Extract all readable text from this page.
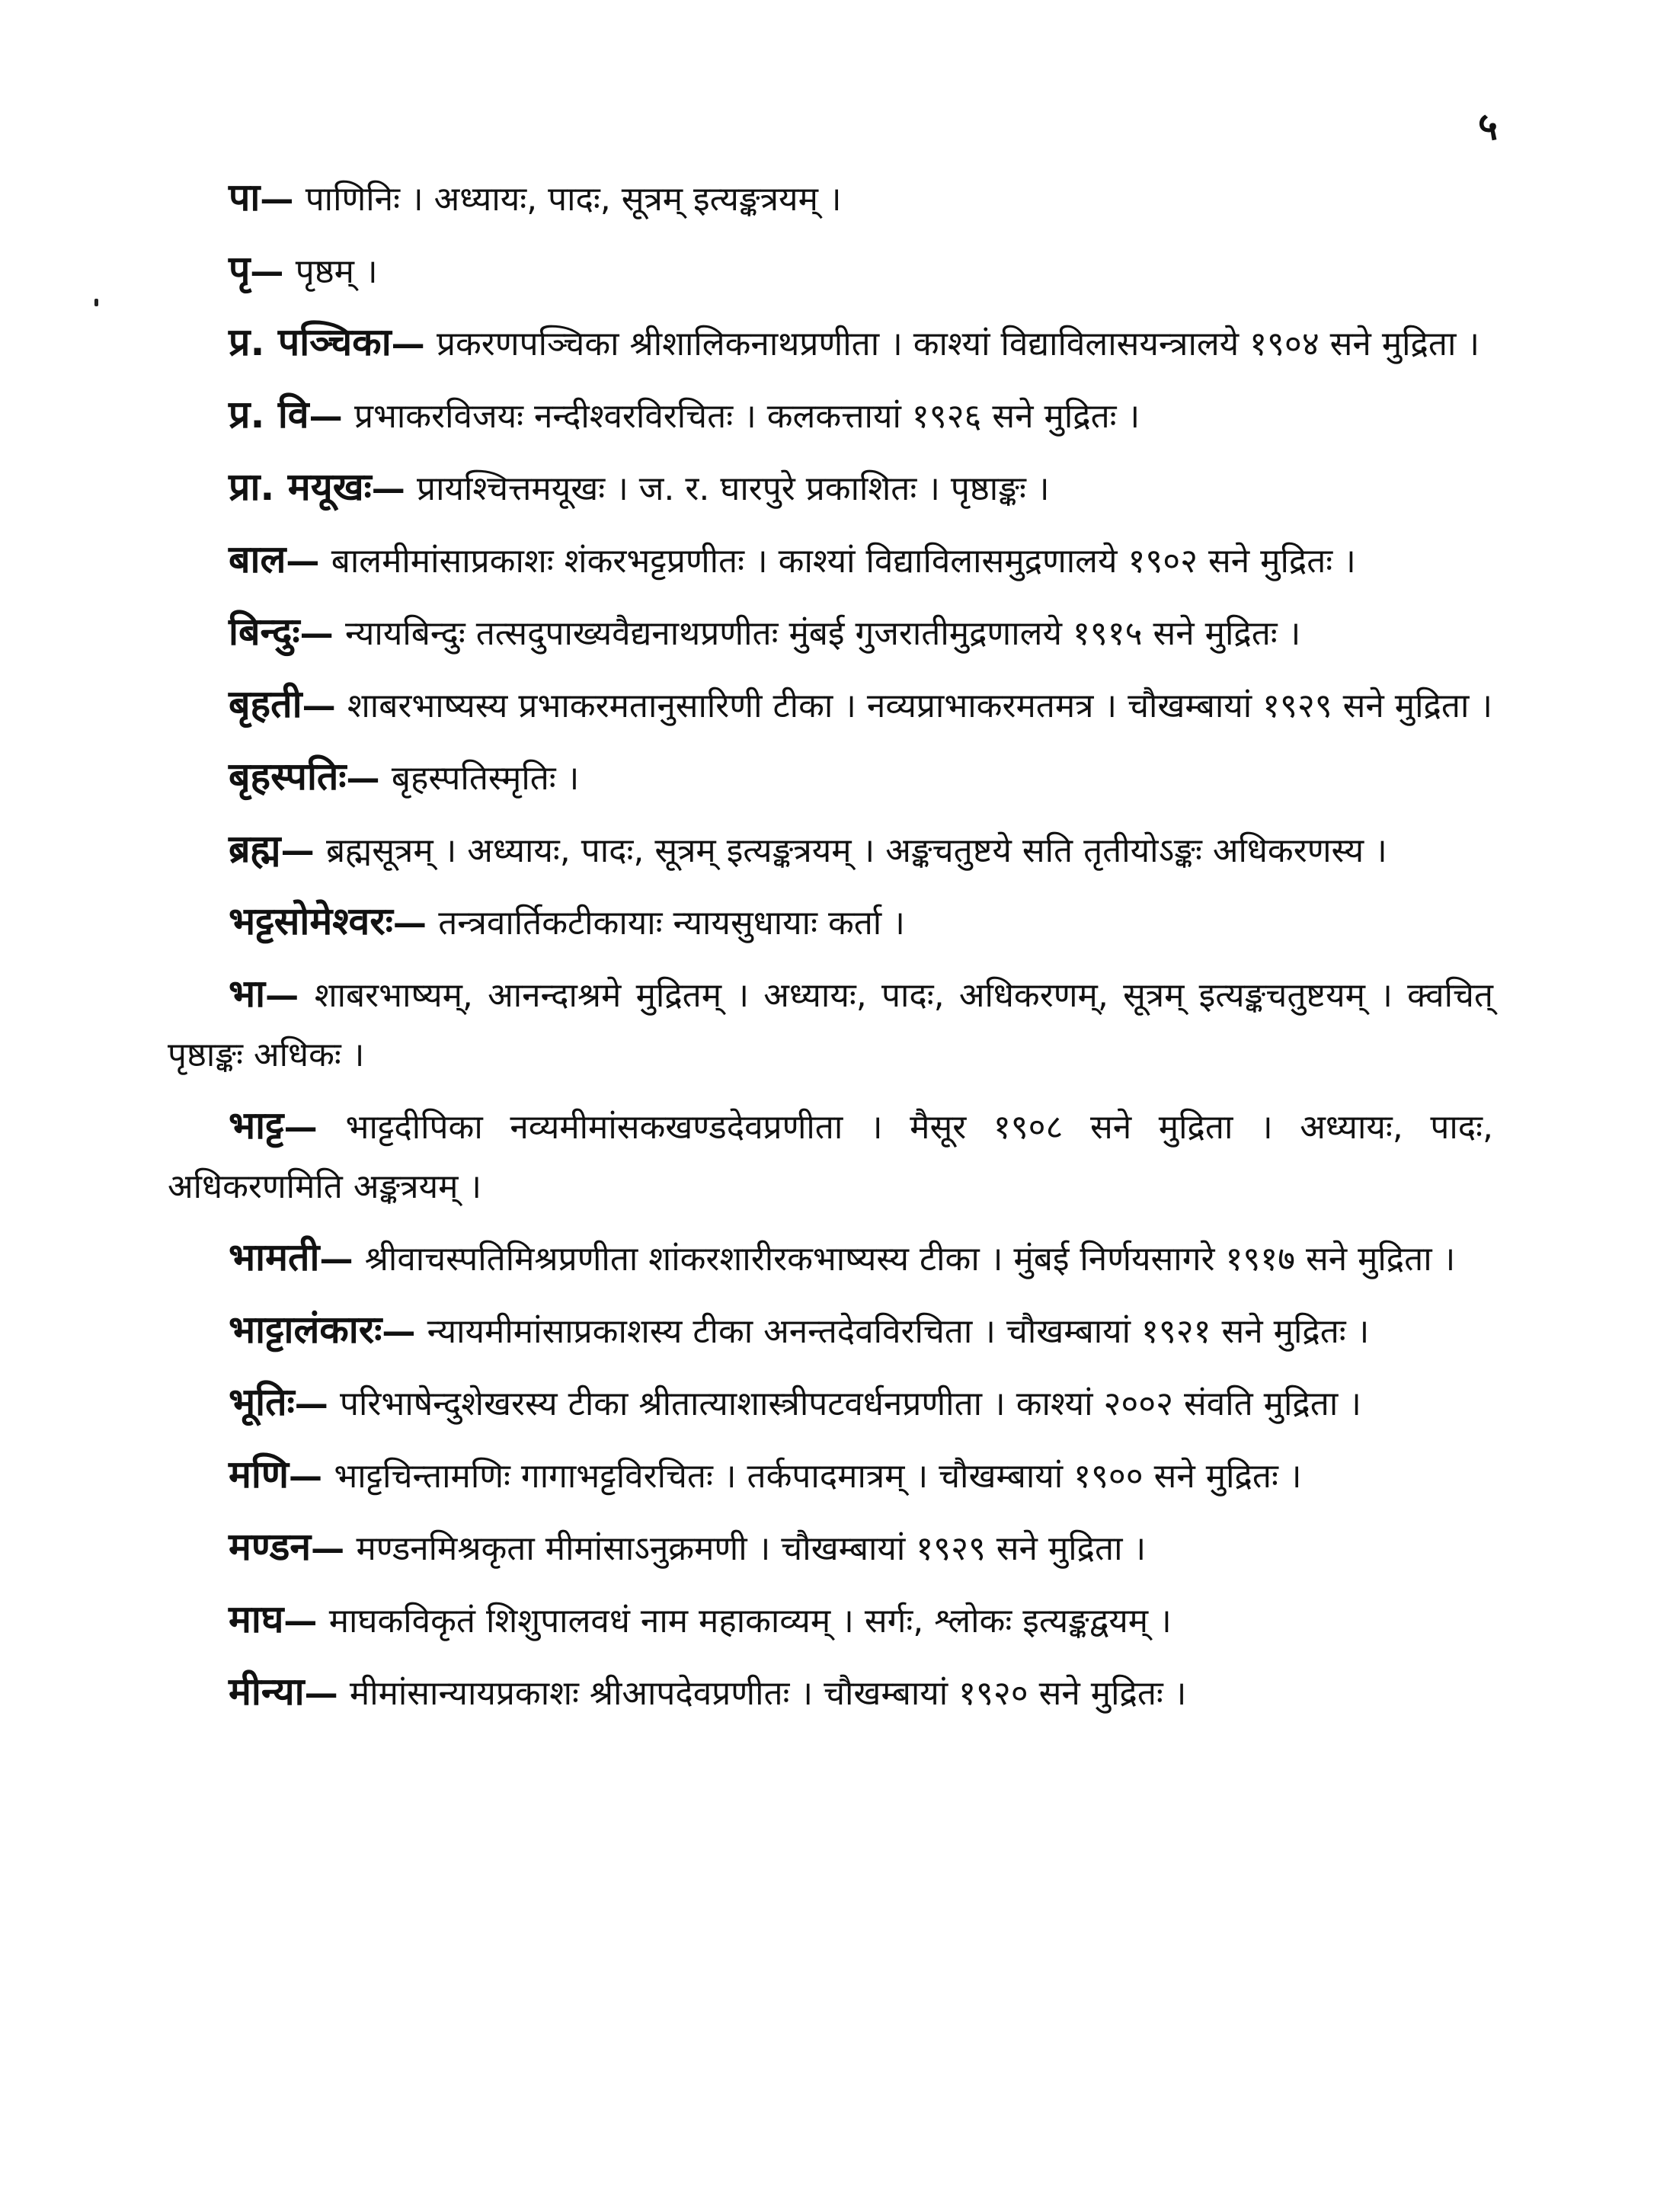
५

पा— पाणिनिः । अध्यायः, पादः, सूत्रम् इत्यङ्कत्रयम् ।

पृ— पृष्ठम् ।

प्र. पञ्चिका— प्रकरणपञ्चिका श्रीशालिकनाथप्रणीता । काश्यां विद्याविलासयन्त्रालये १९०४ सने मुद्रिता ।

प्र. वि— प्रभाकरविजयः नन्दीश्वरविरचितः । कलकत्तायां १९२६ सने मुद्रितः ।

प्रा. मयूखः— प्रायश्चित्तमयूखः । ज. र. घारपुरे प्रकाशितः । पृष्ठाङ्कः ।

बाल— बालमीमांसाप्रकाशः शंकरभट्टप्रणीतः । काश्यां विद्याविलासमुद्रणालये १९०२ सने मुद्रितः ।

बिन्दुः— न्यायबिन्दुः तत्सदुपाख्यवैद्यनाथप्रणीतः मुंबई गुजरातीमुद्रणालये १९१५ सने मुद्रितः ।

बृहती— शाबरभाष्यस्य प्रभाकरमतानुसारिणी टीका । नव्यप्राभाकरमतमत्र । चौखम्बायां १९२९ सने मुद्रिता ।

बृहस्पतिः— बृहस्पतिस्मृतिः ।

ब्रह्म— ब्रह्मसूत्रम् । अध्यायः, पादः, सूत्रम् इत्यङ्कत्रयम् । अङ्कचतुष्टये सति तृतीयोऽङ्कः अधिकरणस्य ।

भट्टसोमेश्वरः— तन्त्रवार्तिकटीकायाः न्यायसुधायाः कर्ता ।

भा— शाबरभाष्यम्, आनन्दाश्रमे मुद्रितम् । अध्यायः, पादः, अधिकरणम्, सूत्रम् इत्यङ्कचतुष्टयम् । क्वचित् पृष्ठाङ्कः अधिकः ।

भाट्ट— भाट्टदीपिका नव्यमीमांसकखण्डदेवप्रणीता । मैसूर १९०८ सने मुद्रिता । अध्यायः, पादः, अधिकरणमिति अङ्कत्रयम् ।

भामती— श्रीवाचस्पतिमिश्रप्रणीता शांकरशारीरकभाष्यस्य टीका । मुंबई निर्णयसागरे १९१७ सने मुद्रिता ।

भाट्टालंकारः— न्यायमीमांसाप्रकाशस्य टीका अनन्तदेवविरचिता । चौखम्बायां १९२१ सने मुद्रितः ।

भूतिः— परिभाषेन्दुशेखरस्य टीका श्रीतात्याशास्त्रीपटवर्धनप्रणीता । काश्यां २००२ संवति मुद्रिता ।

मणि— भाट्टचिन्तामणिः गागाभट्टविरचितः । तर्कपादमात्रम् । चौखम्बायां १९०० सने मुद्रितः ।

मण्डन— मण्डनमिश्रकृता मीमांसाऽनुक्रमणी । चौखम्बायां १९२९ सने मुद्रिता ।

माघ— माघकविकृतं शिशुपालवधं नाम महाकाव्यम् । सर्गः, श्लोकः इत्यङ्कद्वयम् ।

मीन्या— मीमांसान्यायप्रकाशः श्रीआपदेवप्रणीतः । चौखम्बायां १९२० सने मुद्रितः ।
